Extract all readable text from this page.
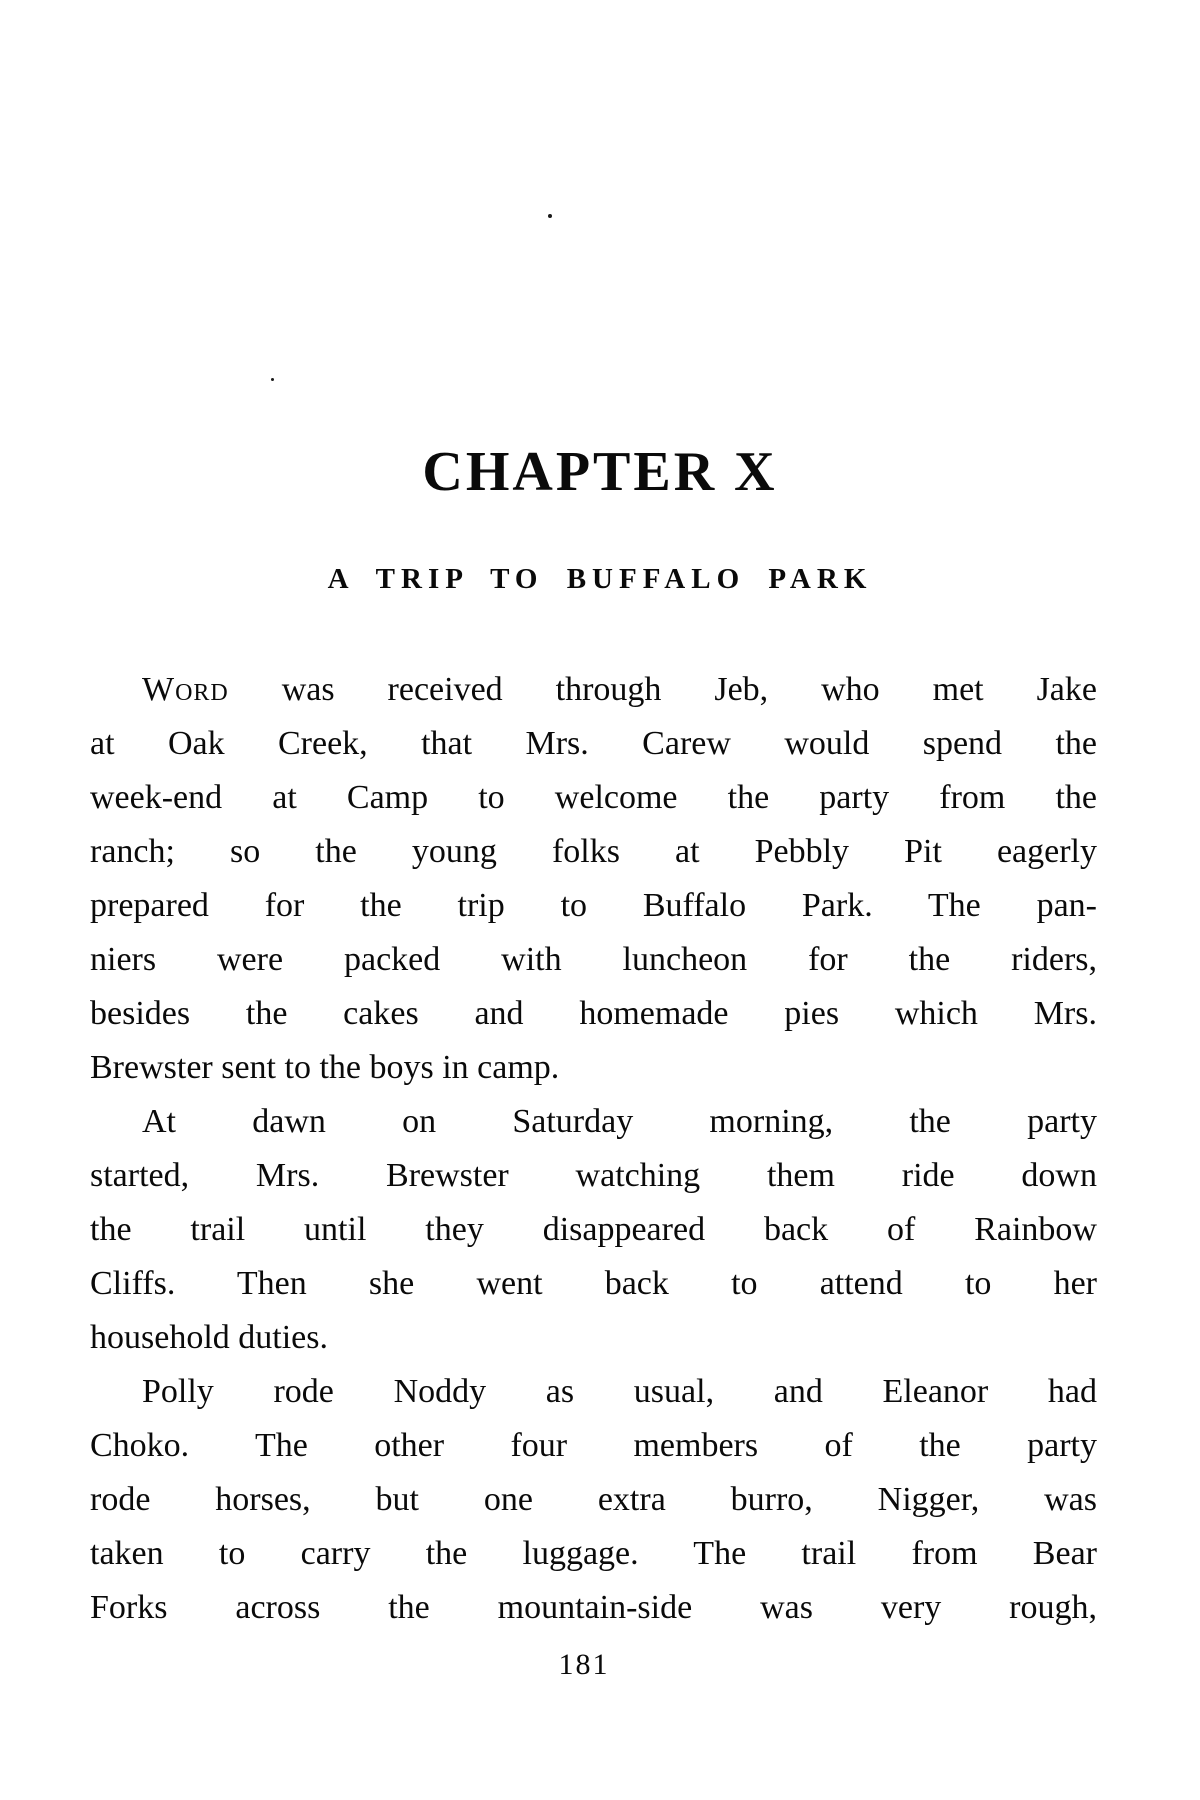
CHAPTER X
A TRIP TO BUFFALO PARK

Word was received through Jeb, who met Jake
at Oak Creek, that Mrs. Carew would spend the
week-end at Camp to welcome the party from the
ranch; so the young folks at Pebbly Pit eagerly
prepared for the trip to Buffalo Park. The pan-
niers were packed with luncheon for the riders,
besides the cakes and homemade pies which Mrs.
Brewster sent to the boys in camp.

At dawn on Saturday morning, the party
started, Mrs. Brewster watching them ride down
the trail until they disappeared back of Rainbow
Cliffs. Then she went back to attend to her
household duties.

Polly rode Noddy as usual, and Eleanor had
Choko. The other four members of the party
rode horses, but one extra burro, Nigger, was
taken to carry the luggage. The trail from Bear
Forks across the mountain-side was very rough,

181
